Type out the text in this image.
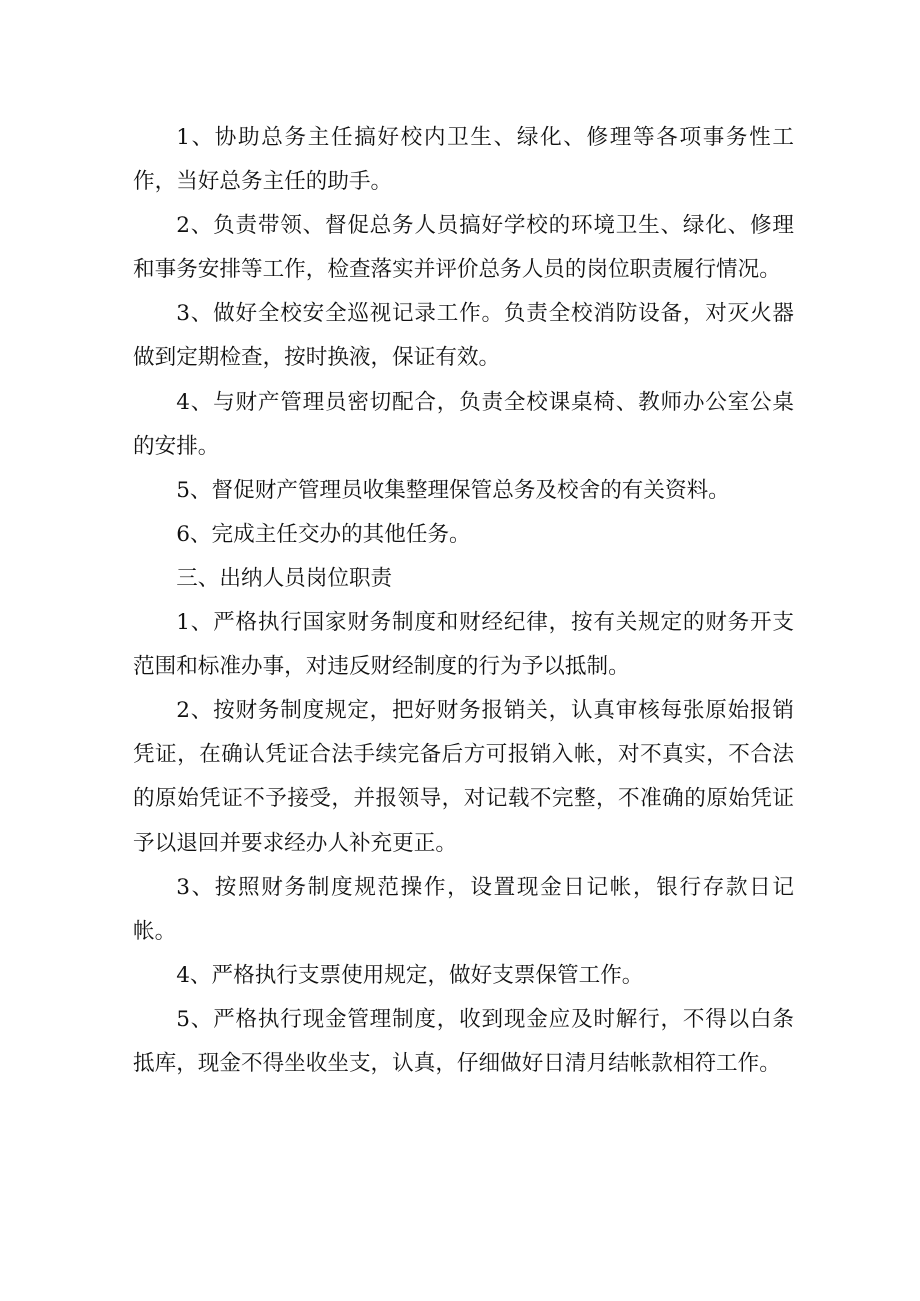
1、协助总务主任搞好校内卫生、绿化、修理等各项事务性工作，当好总务主任的助手。

2、负责带领、督促总务人员搞好学校的环境卫生、绿化、修理和事务安排等工作，检查落实并评价总务人员的岗位职责履行情况。

3、做好全校安全巡视记录工作。负责全校消防设备，对灭火器做到定期检查，按时换液，保证有效。

4、与财产管理员密切配合，负责全校课桌椅、教师办公室公桌的安排。

5、督促财产管理员收集整理保管总务及校舍的有关资料。

6、完成主任交办的其他任务。

三、出纳人员岗位职责

1、严格执行国家财务制度和财经纪律，按有关规定的财务开支范围和标准办事，对违反财经制度的行为予以抵制。

2、按财务制度规定，把好财务报销关，认真审核每张原始报销凭证，在确认凭证合法手续完备后方可报销入帐，对不真实，不合法的原始凭证不予接受，并报领导，对记载不完整，不准确的原始凭证予以退回并要求经办人补充更正。

3、按照财务制度规范操作，设置现金日记帐，银行存款日记帐。

4、严格执行支票使用规定，做好支票保管工作。

5、严格执行现金管理制度，收到现金应及时解行，不得以白条抵库，现金不得坐收坐支，认真，仔细做好日清月结帐款相符工作。
